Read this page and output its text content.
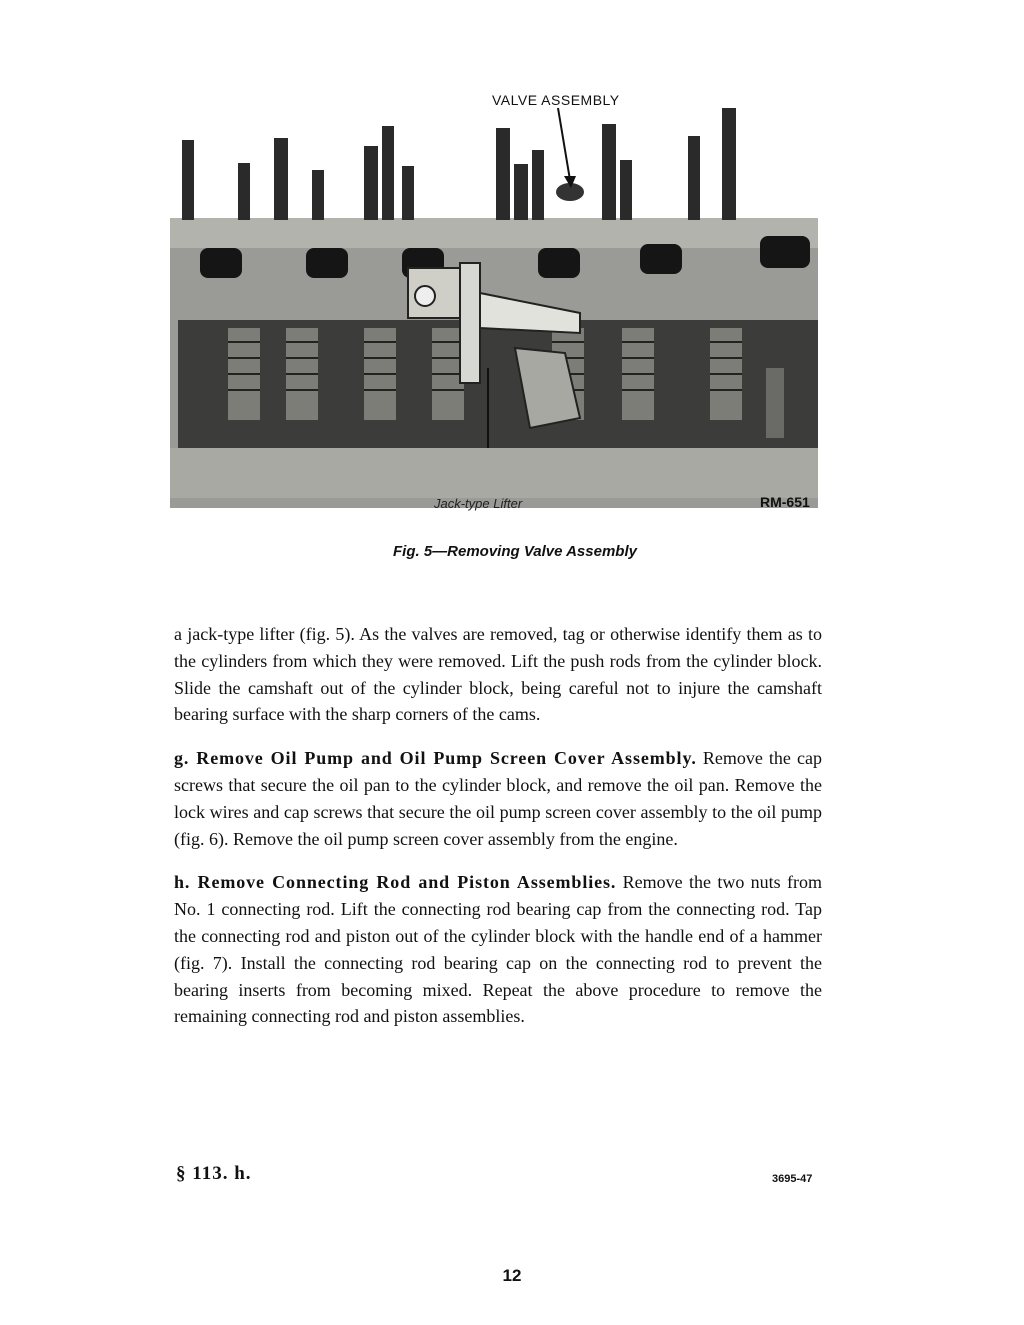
VALVE ASSEMBLY
Jack-type Lifter	RM-651
Fig. 5—Removing Valve Assembly

a jack-type lifter (fig. 5). As the valves are removed, tag or otherwise identify them as to the cylinders from which they were removed. Lift the push rods from the cylinder block. Slide the camshaft out of the cylinder block, being careful not to injure the camshaft bearing surface with the sharp corners of the cams.

g. Remove Oil Pump and Oil Pump Screen Cover Assembly. Remove the cap screws that secure the oil pan to the cylinder block, and remove the oil pan. Remove the lock wires and cap screws that secure the oil pump screen cover assembly to the oil pump (fig. 6). Remove the oil pump screen cover assembly from the engine.

h. Remove Connecting Rod and Piston Assemblies. Remove the two nuts from No. 1 connecting rod. Lift the connecting rod bearing cap from the connecting rod. Tap the connecting rod and piston out of the cylinder block with the handle end of a hammer (fig. 7). Install the connecting rod bearing cap on the connecting rod to prevent the bearing inserts from becoming mixed. Repeat the above procedure to remove the remaining connecting rod and piston assemblies.

§ 113. h.	3695-47
12
